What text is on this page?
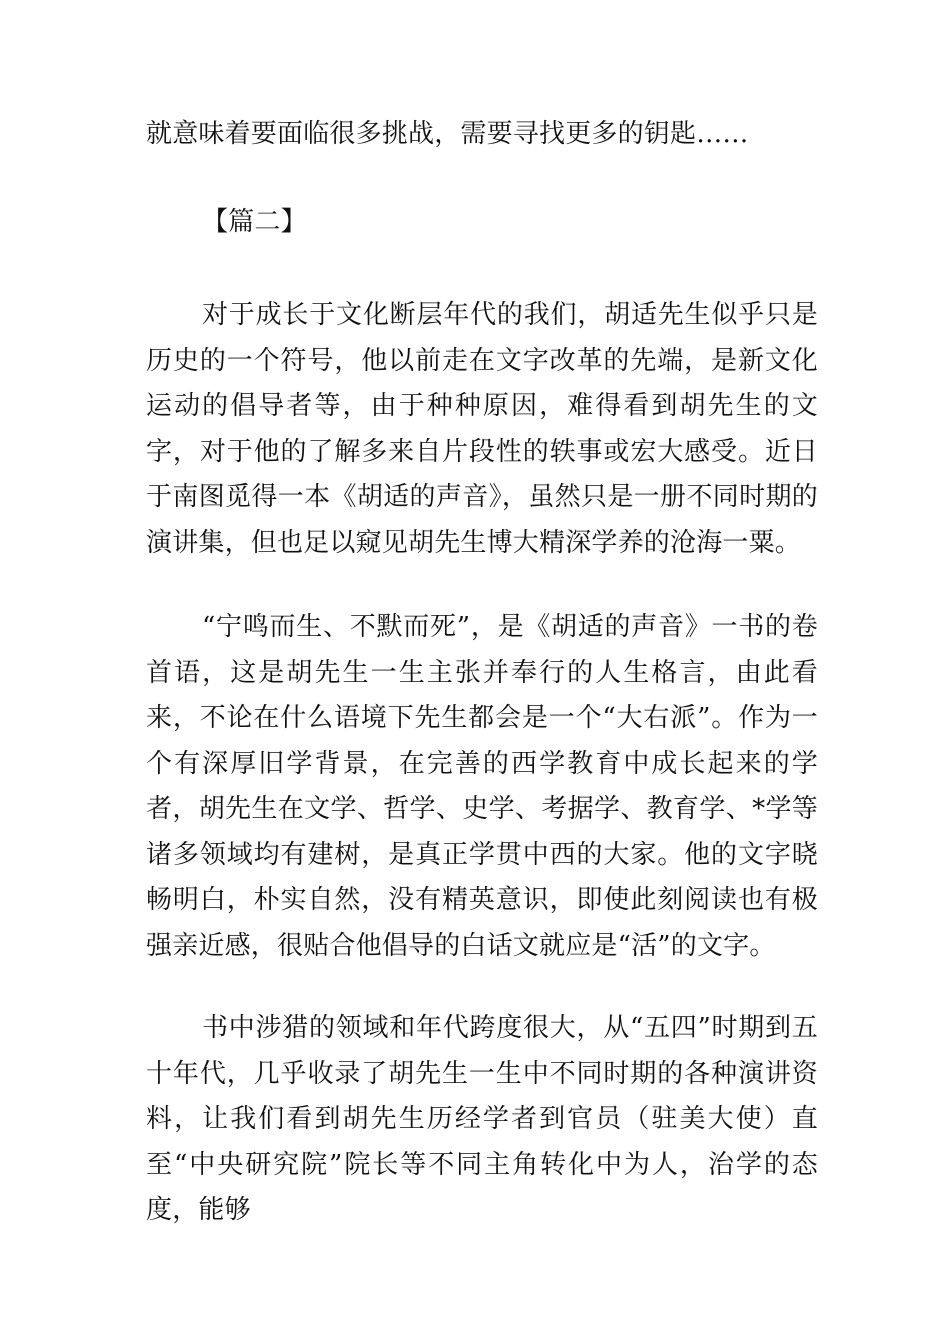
就意味着要面临很多挑战，需要寻找更多的钥匙……

【篇二】

对于成长于文化断层年代的我们，胡适先生似乎只是历史的一个符号，他以前走在文字改革的先端，是新文化运动的倡导者等，由于种种原因，难得看到胡先生的文字，对于他的了解多来自片段性的轶事或宏大感受。近日于南图觅得一本《胡适的声音》，虽然只是一册不同时期的演讲集，但也足以窥见胡先生博大精深学养的沧海一粟。

“宁鸣而生、不默而死”，是《胡适的声音》一书的卷首语，这是胡先生一生主张并奉行的人生格言，由此看来，不论在什么语境下先生都会是一个“大右派”。作为一个有深厚旧学背景，在完善的西学教育中成长起来的学者，胡先生在文学、哲学、史学、考据学、教育学、*学等诸多领域均有建树，是真正学贯中西的大家。他的文字晓畅明白，朴实自然，没有精英意识，即使此刻阅读也有极强亲近感，很贴合他倡导的白话文就应是“活”的文字。

书中涉猎的领域和年代跨度很大，从“五四”时期到五十年代，几乎收录了胡先生一生中不同时期的各种演讲资料，让我们看到胡先生历经学者到官员（驻美大使）直至“中央研究院”院长等不同主角转化中为人，治学的态度，能够
